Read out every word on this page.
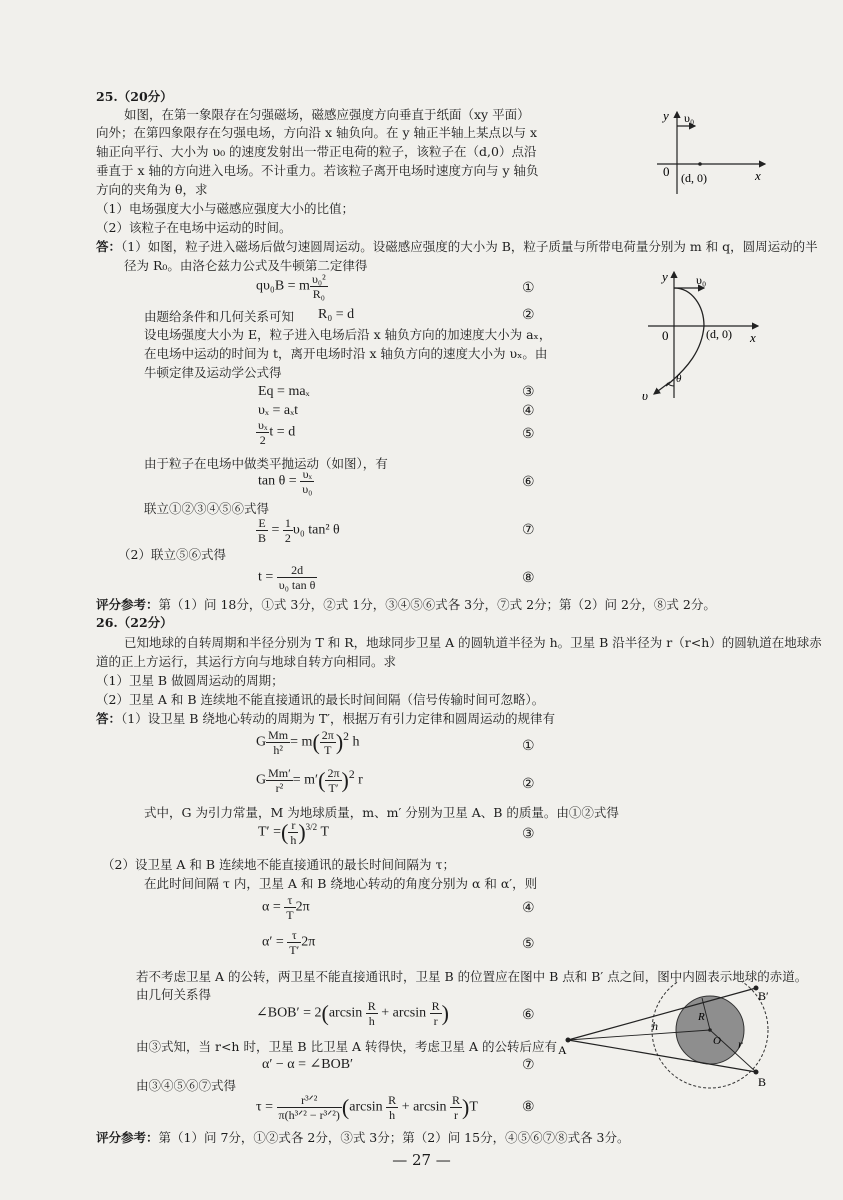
25.（20分）
如图，在第一象限存在匀强磁场，磁感应强度方向垂直于纸面（xy 平面）
向外；在第四象限存在匀强电场，方向沿 x 轴负向。在 y 轴正半轴上某点以与 x
轴正向平行、大小为 υ₀ 的速度发射出一带正电荷的粒子，该粒子在（d,0）点沿
垂直于 x 轴的方向进入电场。不计重力。若该粒子离开电场时速度方向与 y 轴负
方向的夹角为 θ，求
（1）电场强度大小与磁感应强度大小的比值；
（2）该粒子在电场中运动的时间。
答：（1）如图，粒子进入磁场后做匀速圆周运动。设磁感应强度的大小为 B，粒子质量与所带电荷量分别为 m 和 q，圆周运动的半
径为 R₀。由洛仑兹力公式及牛顿第二定律得
y υ₀
0 (d, 0)	x
y υ₀
0	(d, 0) x
υ
θ
qυ₀B = m $\frac{\text{υ₀²}}{\text{R₀}}$	①
由题给条件和几何关系可知 R₀ = d	②
设电场强度大小为 E，粒子进入电场后沿 x 轴负方向的加速度大小为 aₓ，
在电场中运动的时间为 t，离开电场时沿 x 轴负方向的速度大小为 υₓ。由
牛顿定律及运动学公式得
Eq = maₓ	③
υₓ = aₓt	④
$\frac{\text{υₓ}}{2}$ t = d	⑤
由于粒子在电场中做类平抛运动（如图），有
$\tan \theta = \frac{\text{υₓ}}{\text{υ₀}}$	⑥
联立①②③④⑤⑥式得
$\frac{E}{B} = \frac{1}{2} \upsilon_0$ tan² θ	⑦
（2）联立⑤⑥式得
$t = \frac{2d}{\text{υ₀ tan θ}}$	⑧
评分参考：第（1）问 18分，①式 3分，②式 1分，③④⑤⑥式各 3分，⑦式 2分；第（2）问 2分，⑧式 2分。
26.（22分）
已知地球的自转周期和半径分别为 T 和 R，地球同步卫星 A 的圆轨道半径为 h。卫星 B 沿半径为 r（r<h）的圆轨道在地球赤
道的正上方运行，其运行方向与地球自转方向相同。求
（1）卫星 B 做圆周运动的周期；
（2）卫星 A 和 B 连续地不能直接通讯的最长时间间隔（信号传输时间可忽略）。
答：（1）设卫星 B 绕地心转动的周期为 T′，根据万有引力定律和圆周运动的规律有
G $\frac{Mm}{\text{h²}} = m( \frac{2\pi}{T} )^2$ h	①
G $\frac{Mm'}{\text{r²}} = m'( \frac{2\pi}{T'} )^2$ r	②
式中，G 为引力常量，M 为地球质量，m、m′ 分别为卫星 A、B 的质量。由①②式得
T′ =( $\frac{r}{h} )^{3/2}$ T	③
（2）设卫星 A 和 B 连续地不能直接通讯的最长时间间隔为 τ；
在此时间间隔 τ 内，卫星 A 和 B 绕地心转动的角度分别为 α 和 α′，则
$\alpha = \frac{\tau}{T} 2\pi$	④
$\alpha' = \frac{\tau}{T'} 2\pi$	⑤
若不考虑卫星 A 的公转，两卫星不能直接通讯时，卫星 B 的位置应在图中 B 点和 B′ 点之间，图中内圆表示地球的赤道。
由几何关系得
∠BOB′ = $2(\arcsin \frac{R}{h} + \arcsin \frac{R}{r}$ )	⑥
由③式知，当 r<h 时，卫星 B 比卫星 A 转得快，考虑卫星 A 的公转后应有
α′ − α = ∠BOB′	⑦
由③④⑤⑥⑦式得
$\tau = \frac{\text{r³ᐟ²}}{\text{π(h³ᐟ² − r³ᐟ²)}} (\arcsin \frac{R}{h} + \arcsin \frac{R}{r} )T$	⑧
评分参考：第（1）问 7分，①②式各 2分，③式 3分；第（2）问 15分，④⑤⑥⑦⑧式各 3分。
A
B
B′
O
R
h
r
— 27 —
